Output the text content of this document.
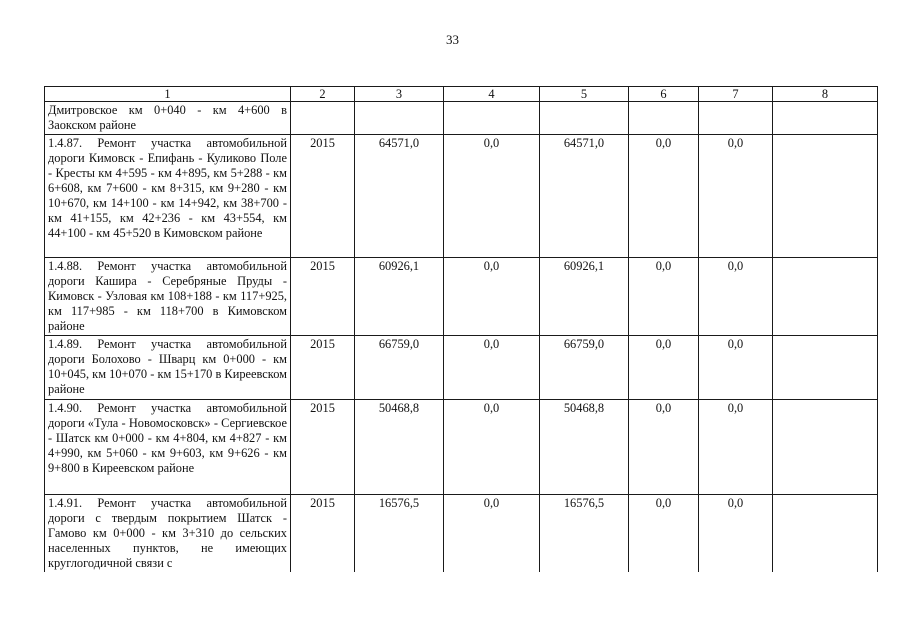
33
1	2	3	4	5	6	7	8
Дмитровское км 0+040 - км 4+600 в Заокском районе							
1.4.87. Ремонт участка автомобильной дороги Кимовск - Епифань - Куликово Поле - Кресты км 4+595 - км 4+895, км 5+288 - км 6+608, км 7+600 - км 8+315, км 9+280 - км 10+670, км 14+100 - км 14+942, км 38+700 - км 41+155, км 42+236 - км 43+554, км 44+100 - км 45+520 в Кимовском районе	2015	64571,0	0,0	64571,0	0,0	0,0	
1.4.88. Ремонт участка автомобильной дороги Кашира - Серебряные Пруды - Кимовск - Узловая км 108+188 - км 117+925, км 117+985 - км 118+700 в Кимовском районе	2015	60926,1	0,0	60926,1	0,0	0,0	
1.4.89. Ремонт участка автомобильной дороги Болохово - Шварц км 0+000 - км 10+045, км 10+070 - км 15+170 в Киреевском районе	2015	66759,0	0,0	66759,0	0,0	0,0	
1.4.90. Ремонт участка автомобильной дороги «Тула - Новомосковск» - Сергиевское - Шатск км 0+000 - км 4+804, км 4+827 - км 4+990, км 5+060 - км 9+603, км 9+626 - км 9+800 в Киреевском районе	2015	50468,8	0,0	50468,8	0,0	0,0	
1.4.91. Ремонт участка автомобильной дороги с твердым покрытием Шатск - Гамово км 0+000 - км 3+310 до сельских населенных пунктов, не имеющих круглогодичной связи с	2015	16576,5	0,0	16576,5	0,0	0,0	
